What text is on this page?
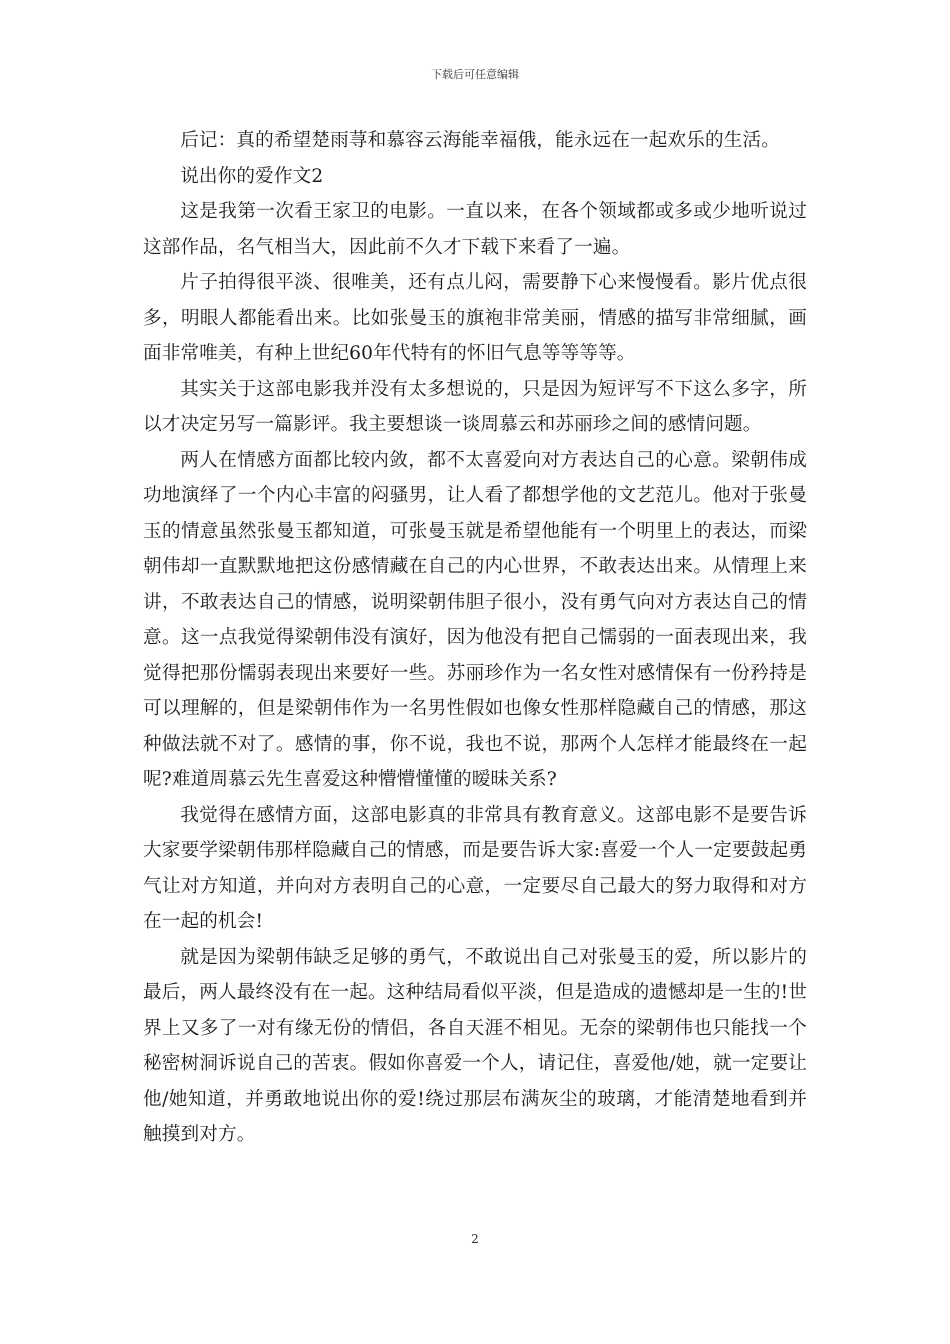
下载后可任意编辑

后记：真的希望楚雨荨和慕容云海能幸福俄，能永远在一起欢乐的生活。

说出你的爱作文2

这是我第一次看王家卫的电影。一直以来，在各个领域都或多或少地听说过这部作品，名气相当大，因此前不久才下载下来看了一遍。

片子拍得很平淡、很唯美，还有点儿闷，需要静下心来慢慢看。影片优点很多，明眼人都能看出来。比如张曼玉的旗袍非常美丽，情感的描写非常细腻，画面非常唯美，有种上世纪60年代特有的怀旧气息等等等等。

其实关于这部电影我并没有太多想说的，只是因为短评写不下这么多字，所以才决定另写一篇影评。我主要想谈一谈周慕云和苏丽珍之间的感情问题。

两人在情感方面都比较内敛，都不太喜爱向对方表达自己的心意。梁朝伟成功地演绎了一个内心丰富的闷骚男，让人看了都想学他的文艺范儿。他对于张曼玉的情意虽然张曼玉都知道，可张曼玉就是希望他能有一个明里上的表达，而梁朝伟却一直默默地把这份感情藏在自己的内心世界，不敢表达出来。从情理上来讲，不敢表达自己的情感，说明梁朝伟胆子很小，没有勇气向对方表达自己的情意。这一点我觉得梁朝伟没有演好，因为他没有把自己懦弱的一面表现出来，我觉得把那份懦弱表现出来要好一些。苏丽珍作为一名女性对感情保有一份矜持是可以理解的，但是梁朝伟作为一名男性假如也像女性那样隐藏自己的情感，那这种做法就不对了。感情的事，你不说，我也不说，那两个人怎样才能最终在一起呢?难道周慕云先生喜爱这种懵懵懂懂的暧昧关系?

我觉得在感情方面，这部电影真的非常具有教育意义。这部电影不是要告诉大家要学梁朝伟那样隐藏自己的情感，而是要告诉大家:喜爱一个人一定要鼓起勇气让对方知道，并向对方表明自己的心意，一定要尽自己最大的努力取得和对方在一起的机会!

就是因为梁朝伟缺乏足够的勇气，不敢说出自己对张曼玉的爱，所以影片的最后，两人最终没有在一起。这种结局看似平淡，但是造成的遗憾却是一生的!世界上又多了一对有缘无份的情侣，各自天涯不相见。无奈的梁朝伟也只能找一个秘密树洞诉说自己的苦衷。假如你喜爱一个人，请记住，喜爱他/她，就一定要让他/她知道，并勇敢地说出你的爱!绕过那层布满灰尘的玻璃，才能清楚地看到并触摸到对方。

2
